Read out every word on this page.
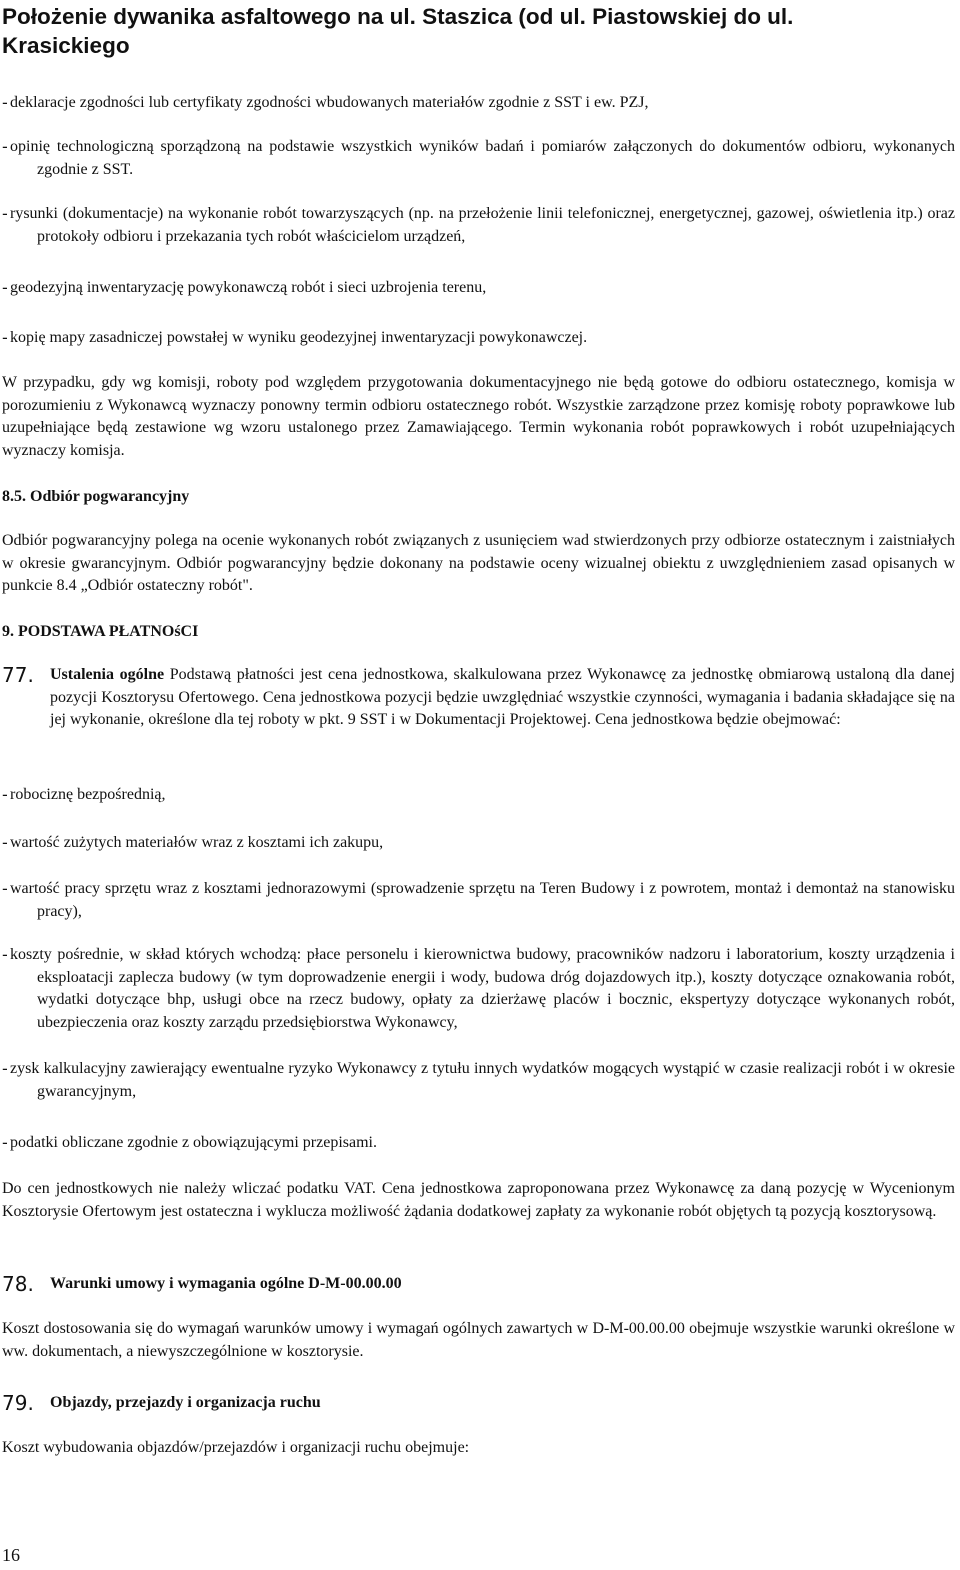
Położenie dywanika asfaltowego na ul. Staszica (od ul. Piastowskiej do ul. Krasickiego
- deklaracje zgodności lub certyfikaty zgodności wbudowanych materiałów zgodnie z SST i ew. PZJ,
- opinię technologiczną sporządzoną na podstawie wszystkich wyników badań i pomiarów załączonych do dokumentów odbioru, wykonanych zgodnie z SST.
- rysunki (dokumentacje) na wykonanie robót towarzyszących (np. na przełożenie linii telefonicznej, energetycznej, gazowej, oświetlenia itp.) oraz protokoły odbioru i przekazania tych robót właścicielom urządzeń,
- geodezyjną inwentaryzację powykonawczą robót i sieci uzbrojenia terenu,
- kopię mapy zasadniczej powstałej w wyniku geodezyjnej inwentaryzacji powykonawczej.

W przypadku, gdy wg komisji, roboty pod względem przygotowania dokumentacyjnego nie będą gotowe do odbioru ostatecznego, komisja w porozumieniu z Wykonawcą wyznaczy ponowny termin odbioru ostatecznego robót. Wszystkie zarządzone przez komisję roboty poprawkowe lub uzupełniające będą zestawione wg wzoru ustalonego przez Zamawiającego. Termin wykonania robót poprawkowych i robót uzupełniających wyznaczy komisja.

8.5. Odbiór pogwarancyjny

Odbiór pogwarancyjny polega na ocenie wykonanych robót związanych z usunięciem wad stwierdzonych przy odbiorze ostatecznym i zaistniałych w okresie gwarancyjnym. Odbiór pogwarancyjny będzie dokonany na podstawie oceny wizualnej obiektu z uwzględnieniem zasad opisanych w punkcie 8.4 „Odbiór ostateczny robót".

9. PODSTAWA PŁATNOśCI

77.	Ustalenia ogólne Podstawą płatności jest cena jednostkowa, skalkulowana przez Wykonawcę za jednostkę obmiarową ustaloną dla danej pozycji Kosztorysu Ofertowego. Cena jednostkowa pozycji będzie uwzględniać wszystkie czynności, wymagania i badania składające się na jej wykonanie, określone dla tej roboty w pkt. 9 SST i w Dokumentacji Projektowej. Cena jednostkowa będzie obejmować:
- robociznę bezpośrednią,
- wartość zużytych materiałów wraz z kosztami ich zakupu,
- wartość pracy sprzętu wraz z kosztami jednorazowymi (sprowadzenie sprzętu na Teren Budowy i z powrotem, montaż i demontaż na stanowisku pracy),
- koszty pośrednie, w skład których wchodzą: płace personelu i kierownictwa budowy, pracowników nadzoru i laboratorium, koszty urządzenia i eksploatacji zaplecza budowy (w tym doprowadzenie energii i wody, budowa dróg dojazdowych itp.), koszty dotyczące oznakowania robót, wydatki dotyczące bhp, usługi obce na rzecz budowy, opłaty za dzierżawę placów i bocznic, ekspertyzy dotyczące wykonanych robót, ubezpieczenia oraz koszty zarządu przedsiębiorstwa Wykonawcy,
- zysk kalkulacyjny zawierający ewentualne ryzyko Wykonawcy z tytułu innych wydatków mogących wystąpić w czasie realizacji robót i w okresie gwarancyjnym,
- podatki obliczane zgodnie z obowiązującymi przepisami.

Do cen jednostkowych nie należy wliczać podatku VAT. Cena jednostkowa zaproponowana przez Wykonawcę za daną pozycję w Wycenionym Kosztorysie Ofertowym jest ostateczna i wyklucza możliwość żądania dodatkowej zapłaty za wykonanie robót objętych tą pozycją kosztorysową.

78.	Warunki umowy i wymagania ogólne D-M-00.00.00

Koszt dostosowania się do wymagań warunków umowy i wymagań ogólnych zawartych w D-M-00.00.00 obejmuje wszystkie warunki określone w ww. dokumentach, a niewyszczególnione w kosztorysie.

79.	Objazdy, przejazdy i organizacja ruchu

Koszt wybudowania objazdów/przejazdów i organizacji ruchu obejmuje:

16
